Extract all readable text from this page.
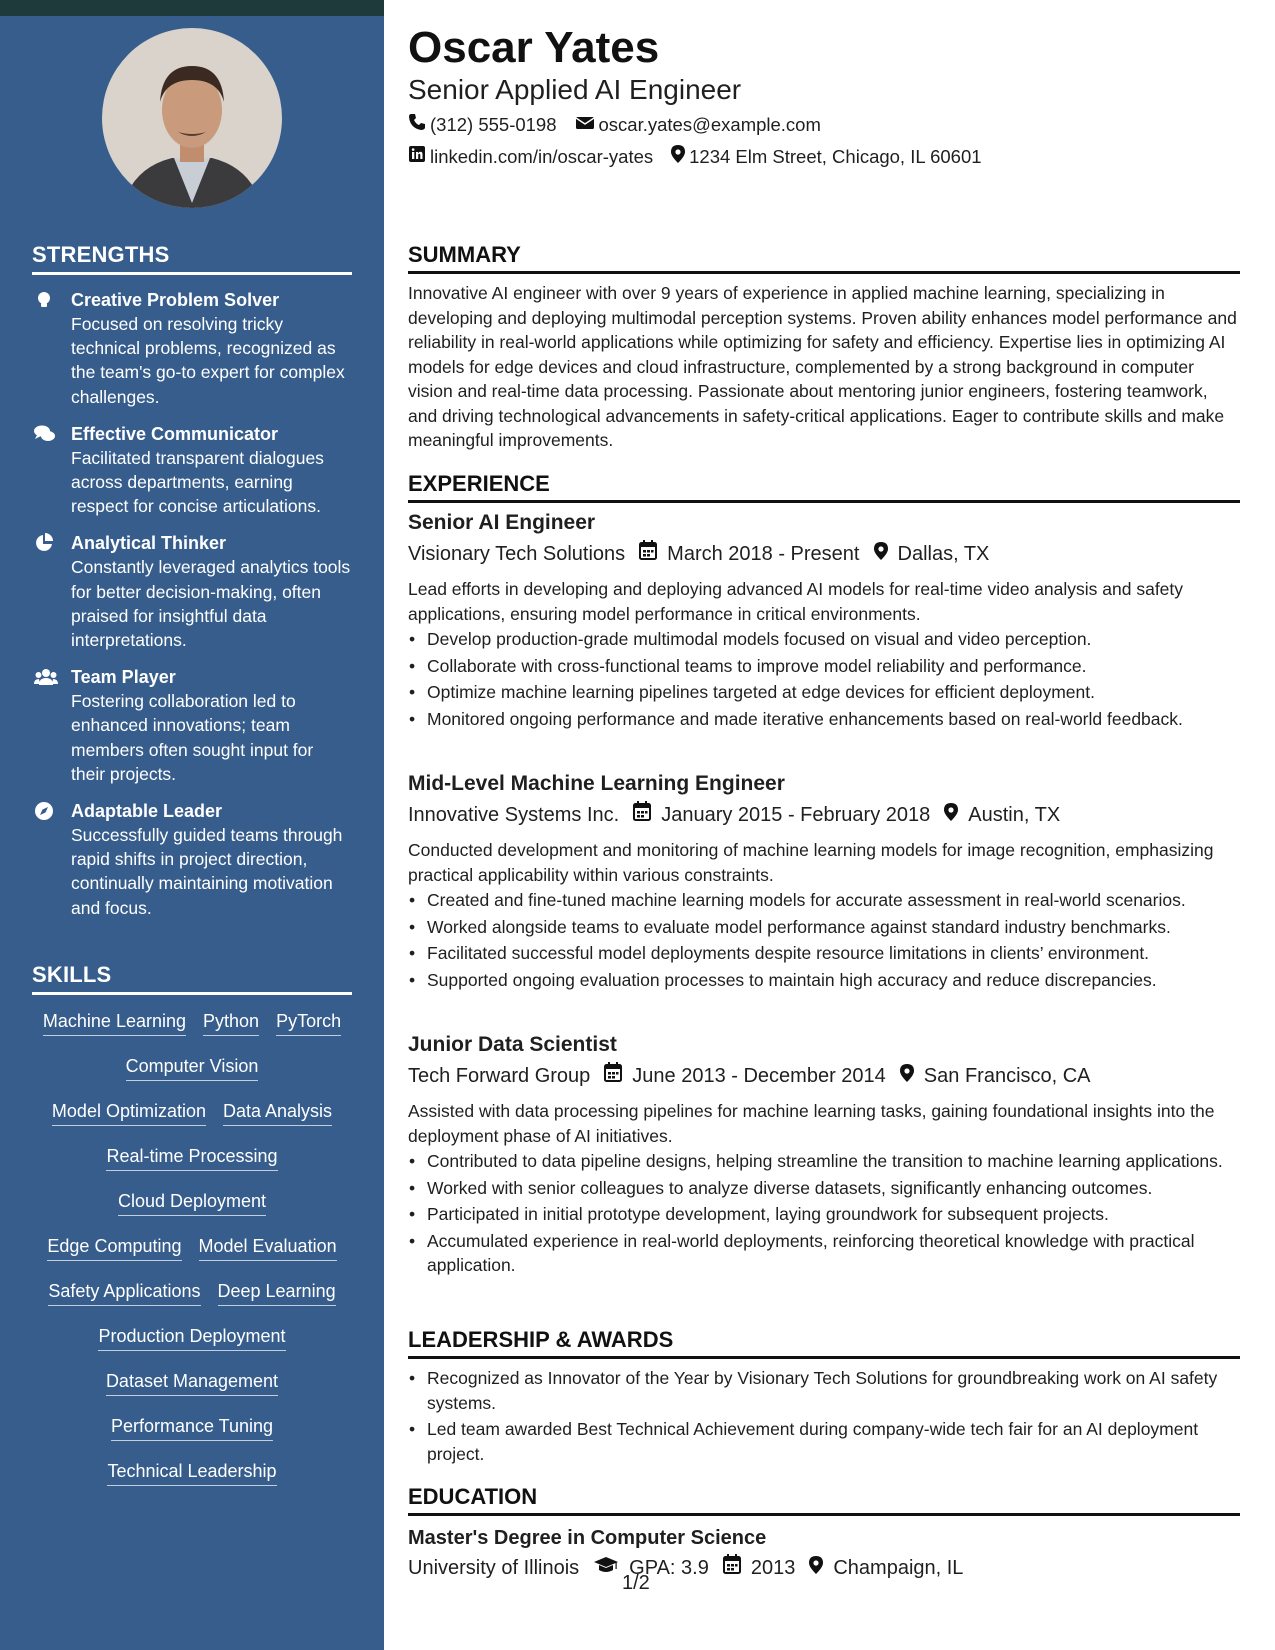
STRENGTHS
Creative Problem Solver
Focused on resolving tricky technical problems, recognized as the team's go-to expert for complex challenges.
Effective Communicator
Facilitated transparent dialogues across departments, earning respect for concise articulations.
Analytical Thinker
Constantly leveraged analytics tools for better decision-making, often praised for insightful data interpretations.
Team Player
Fostering collaboration led to enhanced innovations; team members often sought input for their projects.
Adaptable Leader
Successfully guided teams through rapid shifts in project direction, continually maintaining motivation and focus.
SKILLS
Machine Learning Python PyTorch
Computer Vision
Model Optimization Data Analysis
Real-time Processing
Cloud Deployment
Edge Computing Model Evaluation
Safety Applications Deep Learning
Production Deployment
Dataset Management
Performance Tuning
Technical Leadership
Oscar Yates
Senior Applied AI Engineer
(312) 555-0198 oscar.yates@example.com
linkedin.com/in/oscar-yates 1234 Elm Street, Chicago, IL 60601
SUMMARY
Innovative AI engineer with over 9 years of experience in applied machine learning, specializing in developing and deploying multimodal perception systems. Proven ability enhances model performance and reliability in real-world applications while optimizing for safety and efficiency. Expertise lies in optimizing AI models for edge devices and cloud infrastructure, complemented by a strong background in computer vision and real-time data processing. Passionate about mentoring junior engineers, fostering teamwork, and driving technological advancements in safety-critical applications. Eager to contribute skills and make meaningful improvements.
EXPERIENCE
Senior AI Engineer
Visionary Tech Solutions March 2018 - Present Dallas, TX
Lead efforts in developing and deploying advanced AI models for real-time video analysis and safety applications, ensuring model performance in critical environments.
• Develop production-grade multimodal models focused on visual and video perception.
• Collaborate with cross-functional teams to improve model reliability and performance.
• Optimize machine learning pipelines targeted at edge devices for efficient deployment.
• Monitored ongoing performance and made iterative enhancements based on real-world feedback.
Mid-Level Machine Learning Engineer
Innovative Systems Inc. January 2015 - February 2018 Austin, TX
Conducted development and monitoring of machine learning models for image recognition, emphasizing practical applicability within various constraints.
• Created and fine-tuned machine learning models for accurate assessment in real-world scenarios.
• Worked alongside teams to evaluate model performance against standard industry benchmarks.
• Facilitated successful model deployments despite resource limitations in clients’ environment.
• Supported ongoing evaluation processes to maintain high accuracy and reduce discrepancies.
Junior Data Scientist
Tech Forward Group June 2013 - December 2014 San Francisco, CA
Assisted with data processing pipelines for machine learning tasks, gaining foundational insights into the deployment phase of AI initiatives.
• Contributed to data pipeline designs, helping streamline the transition to machine learning applications.
• Worked with senior colleagues to analyze diverse datasets, significantly enhancing outcomes.
• Participated in initial prototype development, laying groundwork for subsequent projects.
• Accumulated experience in real-world deployments, reinforcing theoretical knowledge with practical application.
LEADERSHIP & AWARDS
• Recognized as Innovator of the Year by Visionary Tech Solutions for groundbreaking work on AI safety systems.
• Led team awarded Best Technical Achievement during company-wide tech fair for an AI deployment project.
EDUCATION
Master's Degree in Computer Science
University of Illinois	GPA: 3.9 2013 Champaign, IL
1/2
